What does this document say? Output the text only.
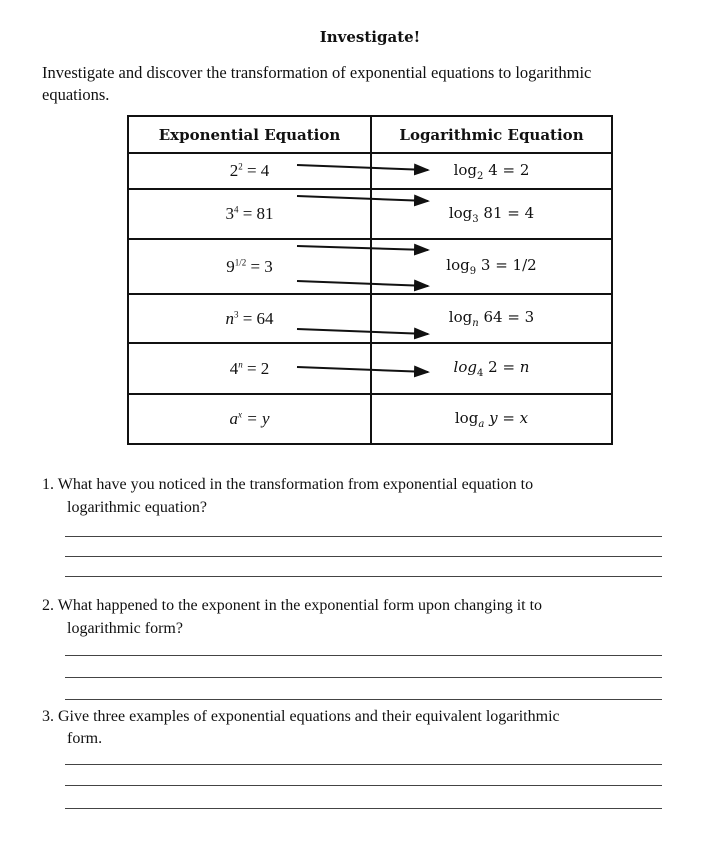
Investigate!
Investigate and discover the transformation of exponential equations to logarithmic
equations.
Exponential Equation	Logarithmic Equation
$2^2 = 4$	$\log_2 4 = 2$
$3^4 = 81$	$\log_3 81 = 4$
$9^{1/2} = 3$	$\log_9 3 = 1/2$
$n^3 = 64$	$\log_n 64 = 3$
$4^n = 2$	$\log_4 2 = n$
$a^x = y$	$\log_a y = x$
1. What have you noticed in the transformation from exponential equation to
logarithmic equation?
2. What happened to the exponent in the exponential form upon changing it to
logarithmic form?
3. Give three examples of exponential equations and their equivalent logarithmic
form.
